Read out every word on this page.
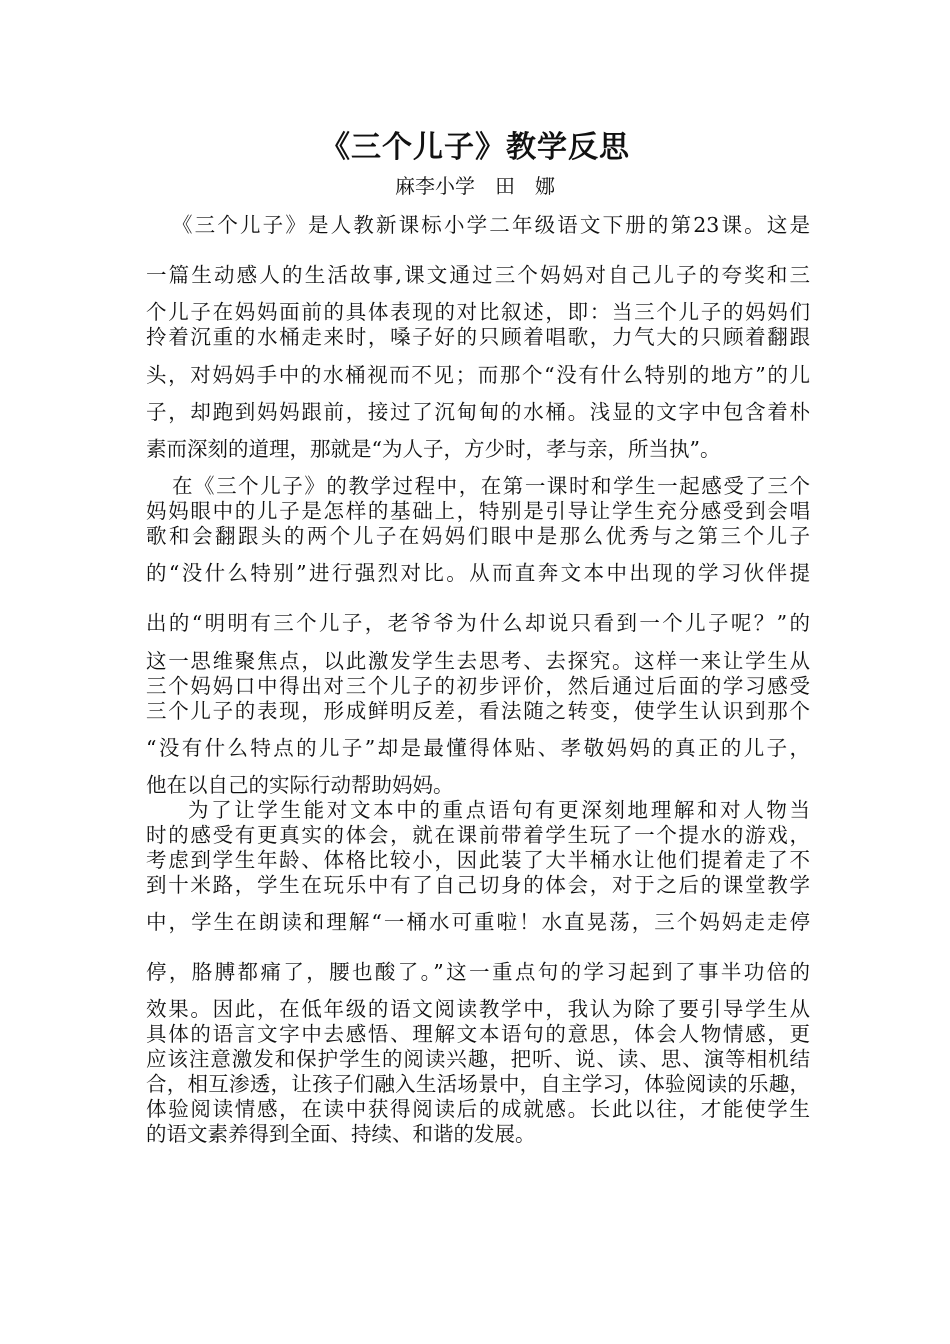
《三个儿子》教学反思
麻李小学　田　娜
《三个儿子》是人教新课标小学二年级语文下册的第23课。这是
一篇生动感人的生活故事,课文通过三个妈妈对自己儿子的夸奖和三
个儿子在妈妈面前的具体表现的对比叙述，即：当三个儿子的妈妈们
拎着沉重的水桶走来时，嗓子好的只顾着唱歌，力气大的只顾着翻跟
头，对妈妈手中的水桶视而不见；而那个“没有什么特别的地方”的儿
子，却跑到妈妈跟前，接过了沉甸甸的水桶。浅显的文字中包含着朴
素而深刻的道理，那就是“为人子，方少时，孝与亲，所当执”。
在《三个儿子》的教学过程中，在第一课时和学生一起感受了三个
妈妈眼中的儿子是怎样的基础上，特别是引导让学生充分感受到会唱
歌和会翻跟头的两个儿子在妈妈们眼中是那么优秀与之第三个儿子
的“没什么特别”进行强烈对比。从而直奔文本中出现的学习伙伴提
出的“明明有三个儿子，老爷爷为什么却说只看到一个儿子呢？”的
这一思维聚焦点，以此激发学生去思考、去探究。这样一来让学生从
三个妈妈口中得出对三个儿子的初步评价，然后通过后面的学习感受
三个儿子的表现，形成鲜明反差，看法随之转变，使学生认识到那个
“没有什么特点的儿子”却是最懂得体贴、孝敬妈妈的真正的儿子，
他在以自己的实际行动帮助妈妈。
为了让学生能对文本中的重点语句有更深刻地理解和对人物当
时的感受有更真实的体会，就在课前带着学生玩了一个提水的游戏，
考虑到学生年龄、体格比较小，因此装了大半桶水让他们提着走了不
到十米路，学生在玩乐中有了自己切身的体会，对于之后的课堂教学
中，学生在朗读和理解“一桶水可重啦！水直晃荡，三个妈妈走走停
停，胳膊都痛了，腰也酸了。”这一重点句的学习起到了事半功倍的
效果。因此，在低年级的语文阅读教学中，我认为除了要引导学生从
具体的语言文字中去感悟、理解文本语句的意思，体会人物情感，更
应该注意激发和保护学生的阅读兴趣，把听、说、读、思、演等相机结
合，相互渗透，让孩子们融入生活场景中，自主学习，体验阅读的乐趣，
体验阅读情感，在读中获得阅读后的成就感。长此以往，才能使学生
的语文素养得到全面、持续、和谐的发展。
